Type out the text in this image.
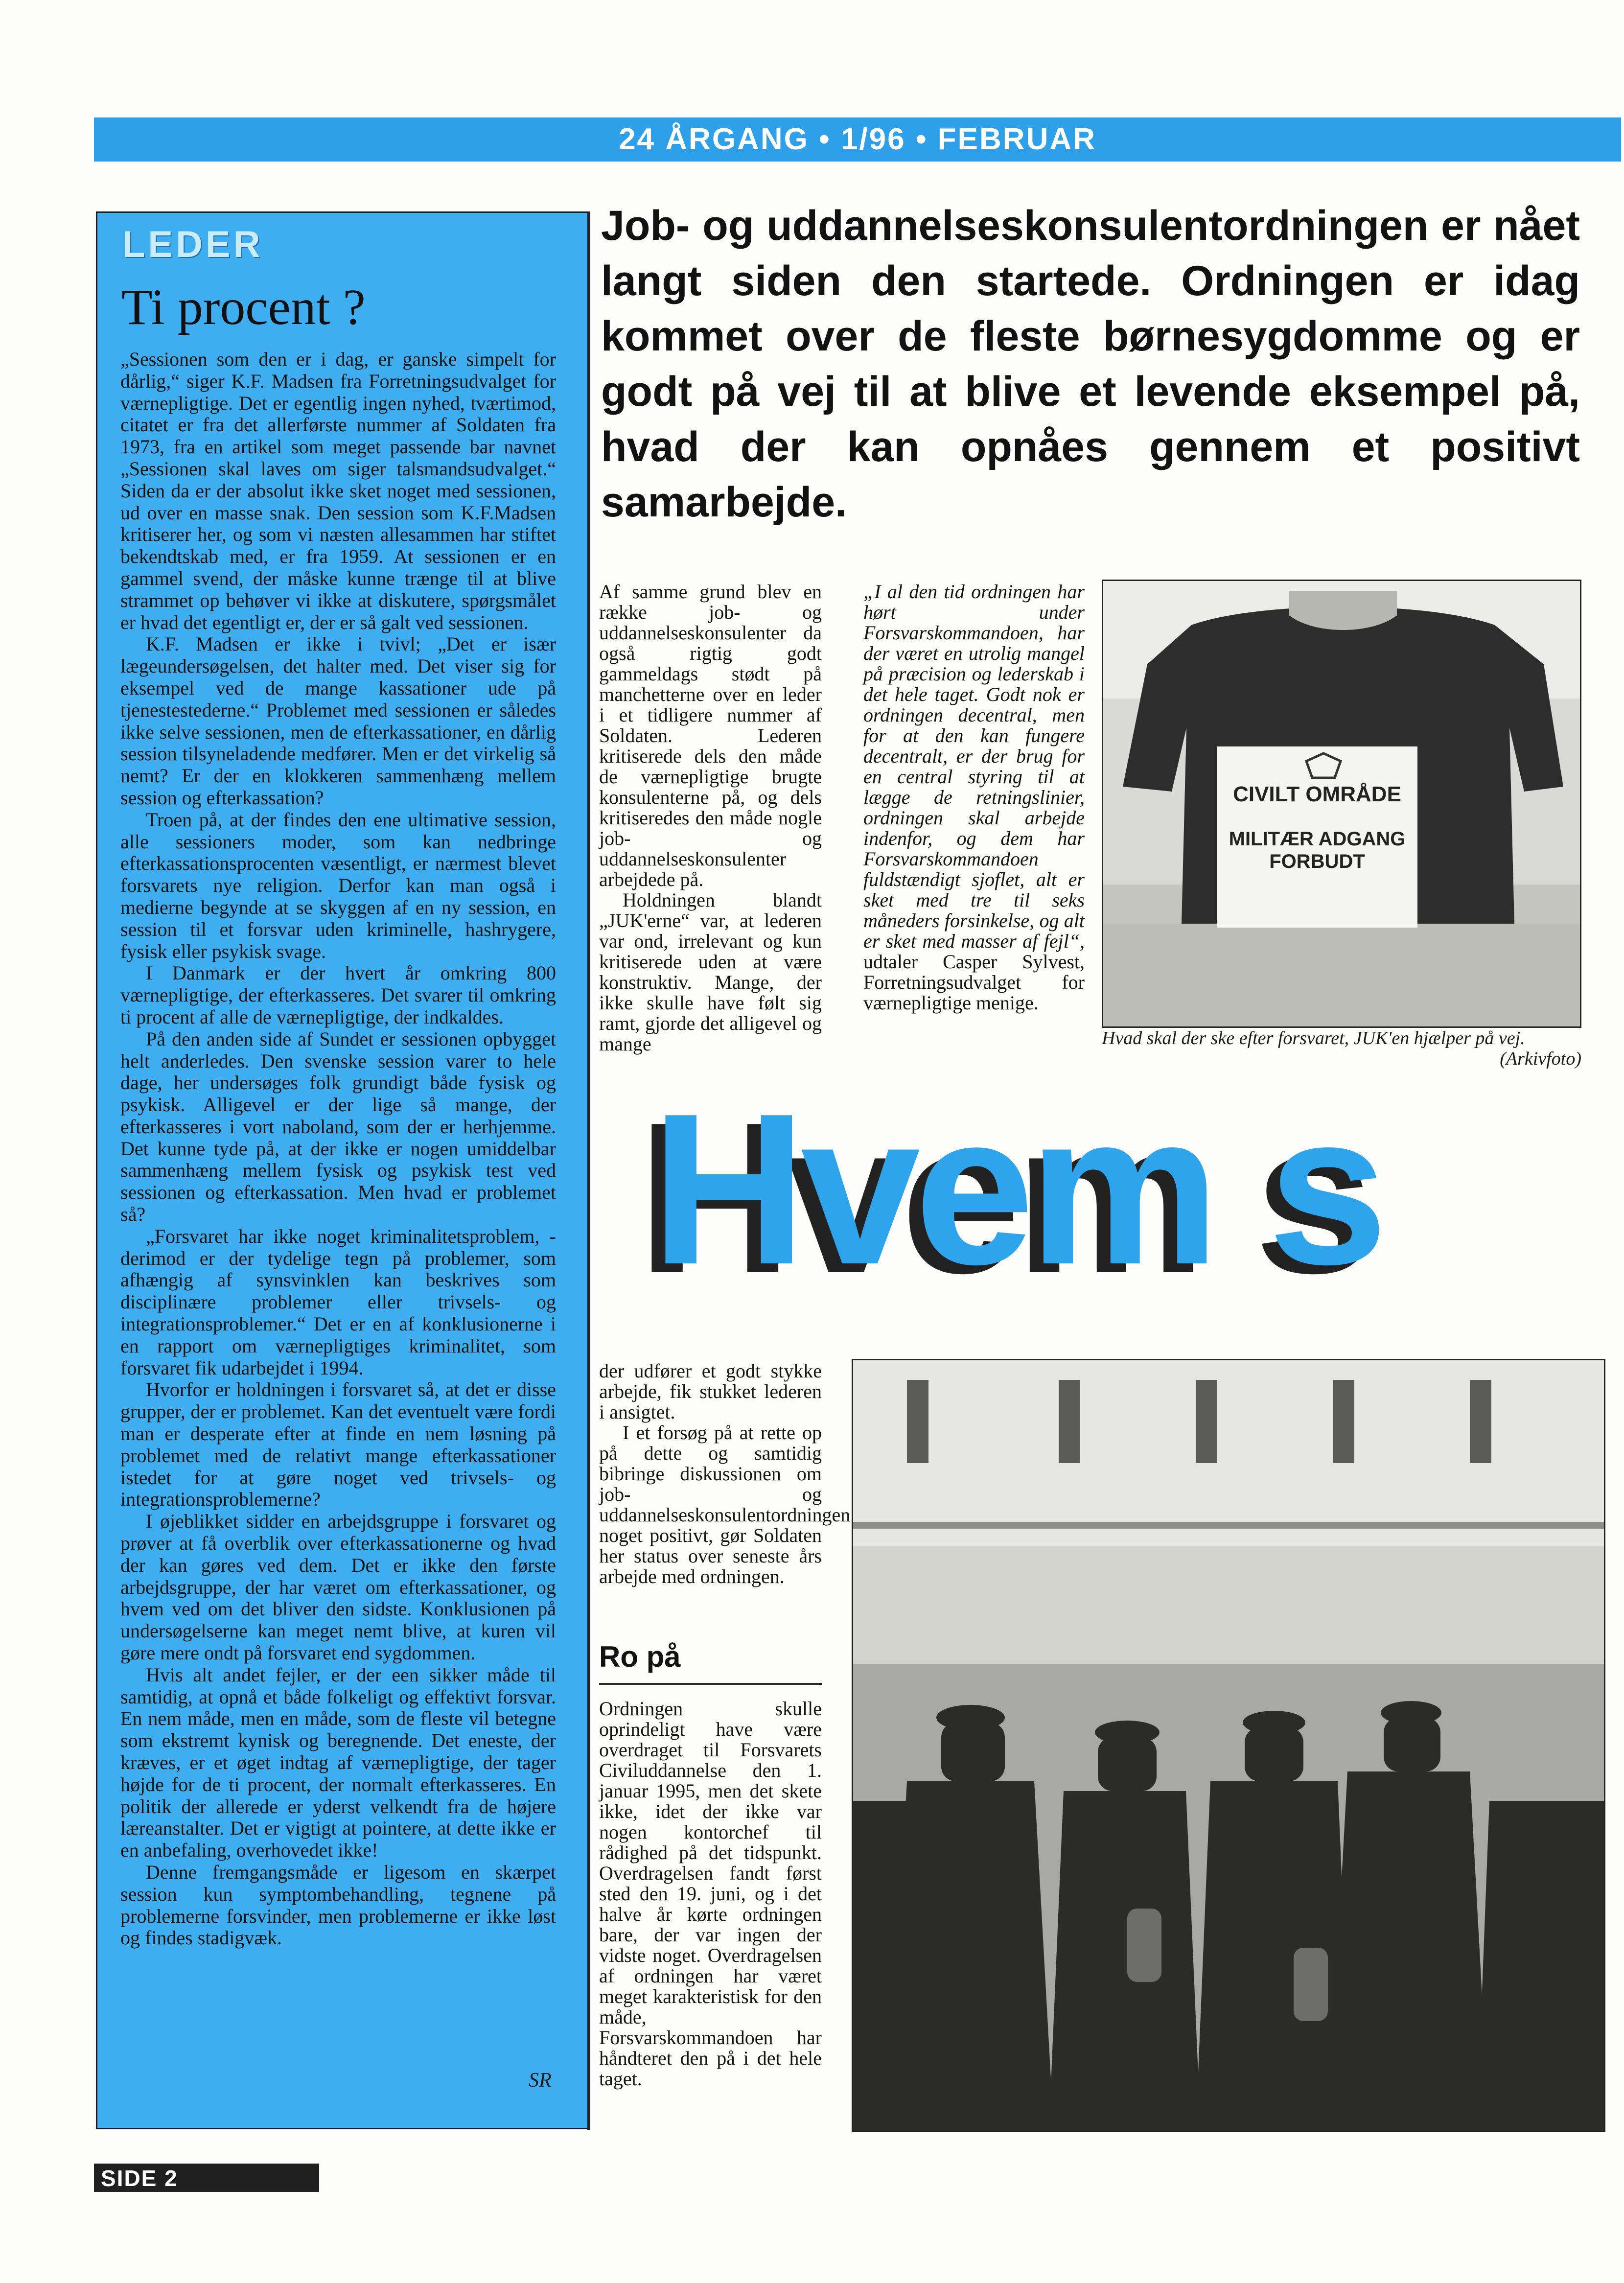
24 ÅRGANG • 1/96 • FEBRUAR
LEDER
Ti procent ?

„Sessionen som den er i dag, er ganske simpelt for dårlig,“ siger K.F. Madsen fra Forretningsudvalget for værnepligtige. Det er egentlig ingen nyhed, tværtimod, citatet er fra det allerførste nummer af Soldaten fra 1973, fra en artikel som meget passende bar navnet „Sessionen skal laves om siger talsmandsudvalget.“ Siden da er der absolut ikke sket noget med sessionen, ud over en masse snak. Den session som K.F.Madsen kritiserer her, og som vi næsten allesammen har stiftet bekendtskab med, er fra 1959. At sessionen er en gammel svend, der måske kunne trænge til at blive strammet op behøver vi ikke at diskutere, spørgsmålet er hvad det egentligt er, der er så galt ved sessionen.

K.F. Madsen er ikke i tvivl; „Det er især lægeundersøgelsen, det halter med. Det viser sig for eksempel ved de mange kassationer ude på tjenestestederne.“ Problemet med sessionen er således ikke selve sessionen, men de efterkassationer, en dårlig session tilsyneladende medfører. Men er det virkelig så nemt? Er der en klokkeren sammenhæng mellem session og efterkassation?

Troen på, at der findes den ene ultimative session, alle sessioners moder, som kan nedbringe efterkassationsprocenten væsentligt, er nærmest blevet forsvarets nye religion. Derfor kan man også i medierne begynde at se skyggen af en ny session, en session til et forsvar uden kriminelle, hashrygere, fysisk eller psykisk svage.

I Danmark er der hvert år omkring 800 værnepligtige, der efterkasseres. Det svarer til omkring ti procent af alle de værnepligtige, der indkaldes.

På den anden side af Sundet er sessionen opbygget helt anderledes. Den svenske session varer to hele dage, her undersøges folk grundigt både fysisk og psykisk. Alligevel er der lige så mange, der efterkasseres i vort naboland, som der er herhjemme. Det kunne tyde på, at der ikke er nogen umiddelbar sammenhæng mellem fysisk og psykisk test ved sessionen og efterkassation. Men hvad er problemet så?

„Forsvaret har ikke noget kriminalitetsproblem, -derimod er der tydelige tegn på problemer, som afhængig af synsvinklen kan beskrives som disciplinære problemer eller trivsels- og integrationsproblemer.“ Det er en af konklusionerne i en rapport om værnepligtiges kriminalitet, som forsvaret fik udarbejdet i 1994.

Hvorfor er holdningen i forsvaret så, at det er disse grupper, der er problemet. Kan det eventuelt være fordi man er desperate efter at finde en nem løsning på problemet med de relativt mange efterkassationer istedet for at gøre noget ved trivsels- og integrationsproblemerne?

I øjeblikket sidder en arbejdsgruppe i forsvaret og prøver at få overblik over efterkassationerne og hvad der kan gøres ved dem. Det er ikke den første arbejdsgruppe, der har været om efterkassationer, og hvem ved om det bliver den sidste. Konklusionen på undersøgelserne kan meget nemt blive, at kuren vil gøre mere ondt på forsvaret end sygdommen.

Hvis alt andet fejler, er der een sikker måde til samtidig, at opnå et både folkeligt og effektivt forsvar. En nem måde, men en måde, som de fleste vil betegne som ekstremt kynisk og beregnende. Det eneste, der kræves, er et øget indtag af værnepligtige, der tager højde for de ti procent, der normalt efterkasseres. En politik der allerede er yderst velkendt fra de højere læreanstalter. Det er vigtigt at pointere, at dette ikke er en anbefaling, overhovedet ikke!

Denne fremgangsmåde er ligesom en skærpet session kun symptombehandling, tegnene på problemerne forsvinder, men problemerne er ikke løst og findes stadigvæk.

SR
Job- og uddannelseskonsulentordningen er nået langt siden den startede. Ordningen er idag kommet over de fleste børnesygdomme og er godt på vej til at blive et levende eksempel på, hvad der kan opnåes gennem et positivt samarbejde.

Af samme grund blev en række job- og uddannelseskonsulenter da også rigtig godt gammeldags stødt på manchetterne over en leder i et tidligere nummer af Soldaten. Lederen kritiserede dels den måde de værnepligtige brugte konsulenterne på, og dels kritiseredes den måde nogle job- og uddannelseskonsulenter arbejdede på.

Holdningen blandt „JUK'erne“ var, at lederen var ond, irrelevant og kun kritiserede uden at være konstruktiv. Mange, der ikke skulle have følt sig ramt, gjorde det alligevel og mange

„I al den tid ordningen har hørt under Forsvarskommandoen, har der været en utrolig mangel på præcision og lederskab i det hele taget. Godt nok er ordningen decentral, men for at den kan fungere decentralt, er der brug for en central styring til at lægge de retningslinier, ordningen skal arbejde indenfor, og dem har Forsvarskommandoen fuldstændigt sjoflet, alt er sket med tre til seks måneders forsinkelse, og alt er sket med masser af fejl“, udtaler Casper Sylvest, Forretningsudvalget for værnepligtige menige.

CIVILT OMRÅDE
MILITÆR ADGANG
FORBUDT
Hvad skal der ske efter forsvaret, JUK'en hjælper på vej.
(Arkivfoto)
Hvem s

der udfører et godt stykke arbejde, fik stukket lederen i ansigtet.

I et forsøg på at rette op på dette og samtidig bibringe diskussionen om job- og uddannelseskonsulentordningen noget positivt, gør Soldaten her status over seneste års arbejde med ordningen.

Ro på

Ordningen skulle oprindeligt have være overdraget til Forsvarets Civiluddannelse den 1. januar 1995, men det skete ikke, idet der ikke var nogen kontorchef til rådighed på det tidspunkt. Overdragelsen fandt først sted den 19. juni, og i det halve år kørte ordningen bare, der var ingen der vidste noget. Overdragelsen af ordningen har været meget karakteristisk for den måde, Forsvarskommandoen har håndteret den på i det hele taget.

SIDE 2
